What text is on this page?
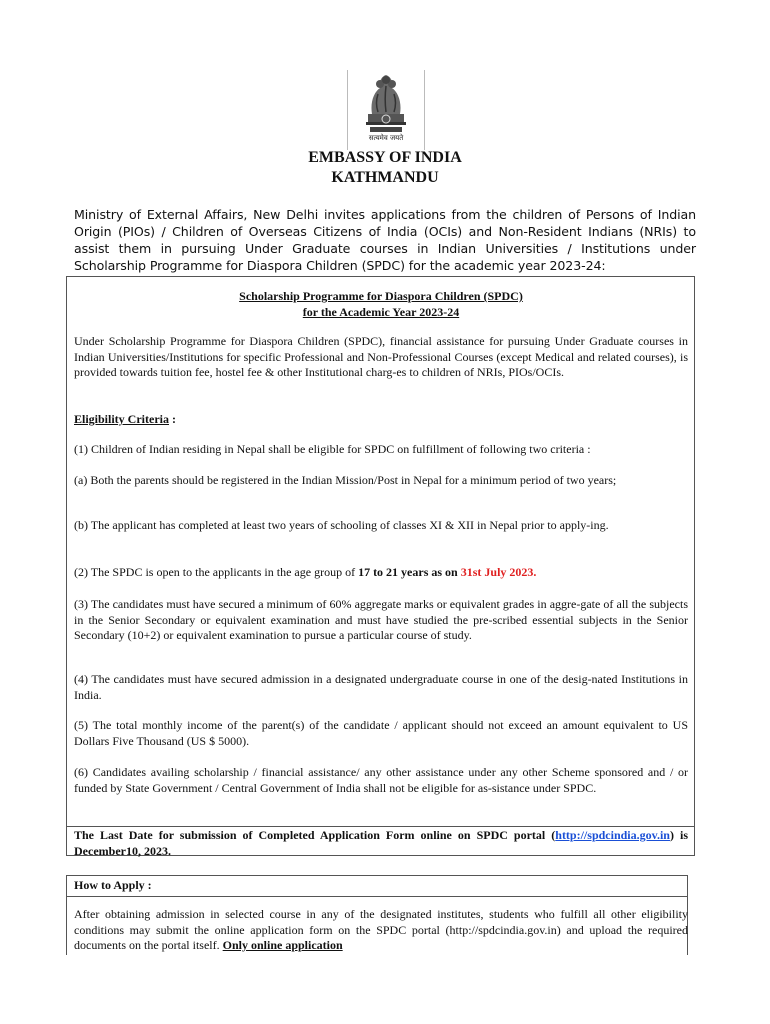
सत्यमेव जयते
EMBASSY OF INDIA
KATHMANDU
Ministry of External Affairs, New Delhi invites applications from the children of Persons of Indian Origin (PIOs) / Children of Overseas Citizens of India (OCIs) and Non-Resident Indians (NRIs) to assist them in pursuing Under Graduate courses in Indian Universities / Institutions under Scholarship Programme for Diaspora Children (SPDC) for the academic year 2023-24:
Scholarship Programme for Diaspora Children (SPDC)
for the Academic Year 2023-24
Under Scholarship Programme for Diaspora Children (SPDC), financial assistance for pursuing Under Graduate courses in Indian Universities/Institutions for specific Professional and Non-Professional Courses (except Medical and related courses), is provided towards tuition fee, hostel fee & other Institutional charg-es to children of NRIs, PIOs/OCIs.
Eligibility Criteria :
(1) Children of Indian residing in Nepal shall be eligible for SPDC on fulfillment of following two criteria :
(a) Both the parents should be registered in the Indian Mission/Post in Nepal for a minimum period of two years;
(b) The applicant has completed at least two years of schooling of classes XI & XII in Nepal prior to apply-ing.
(2) The SPDC is open to the applicants in the age group of 17 to 21 years as on 31st July 2023.
(3) The candidates must have secured a minimum of 60% aggregate marks or equivalent grades in aggre-gate of all the subjects in the Senior Secondary or equivalent examination and must have studied the pre-scribed essential subjects in the Senior Secondary (10+2) or equivalent examination to pursue a particular course of study.
(4) The candidates must have secured admission in a designated undergraduate course in one of the desig-nated Institutions in India.
(5) The total monthly income of the parent(s) of the candidate / applicant should not exceed an amount equivalent to US Dollars Five Thousand (US $ 5000).
(6) Candidates availing scholarship / financial assistance/ any other assistance under any other Scheme sponsored and / or funded by State Government / Central Government of India shall not be eligible for as-sistance under SPDC.
The Last Date for submission of Completed Application Form online on SPDC portal (http://spdcindia.gov.in) is December10, 2023.
How to Apply :
After obtaining admission in selected course in any of the designated institutes, students who fulfill all other eligibility conditions may submit the online application form on the SPDC portal (http://spdcindia.gov.in) and upload the required documents on the portal itself. Only online application
